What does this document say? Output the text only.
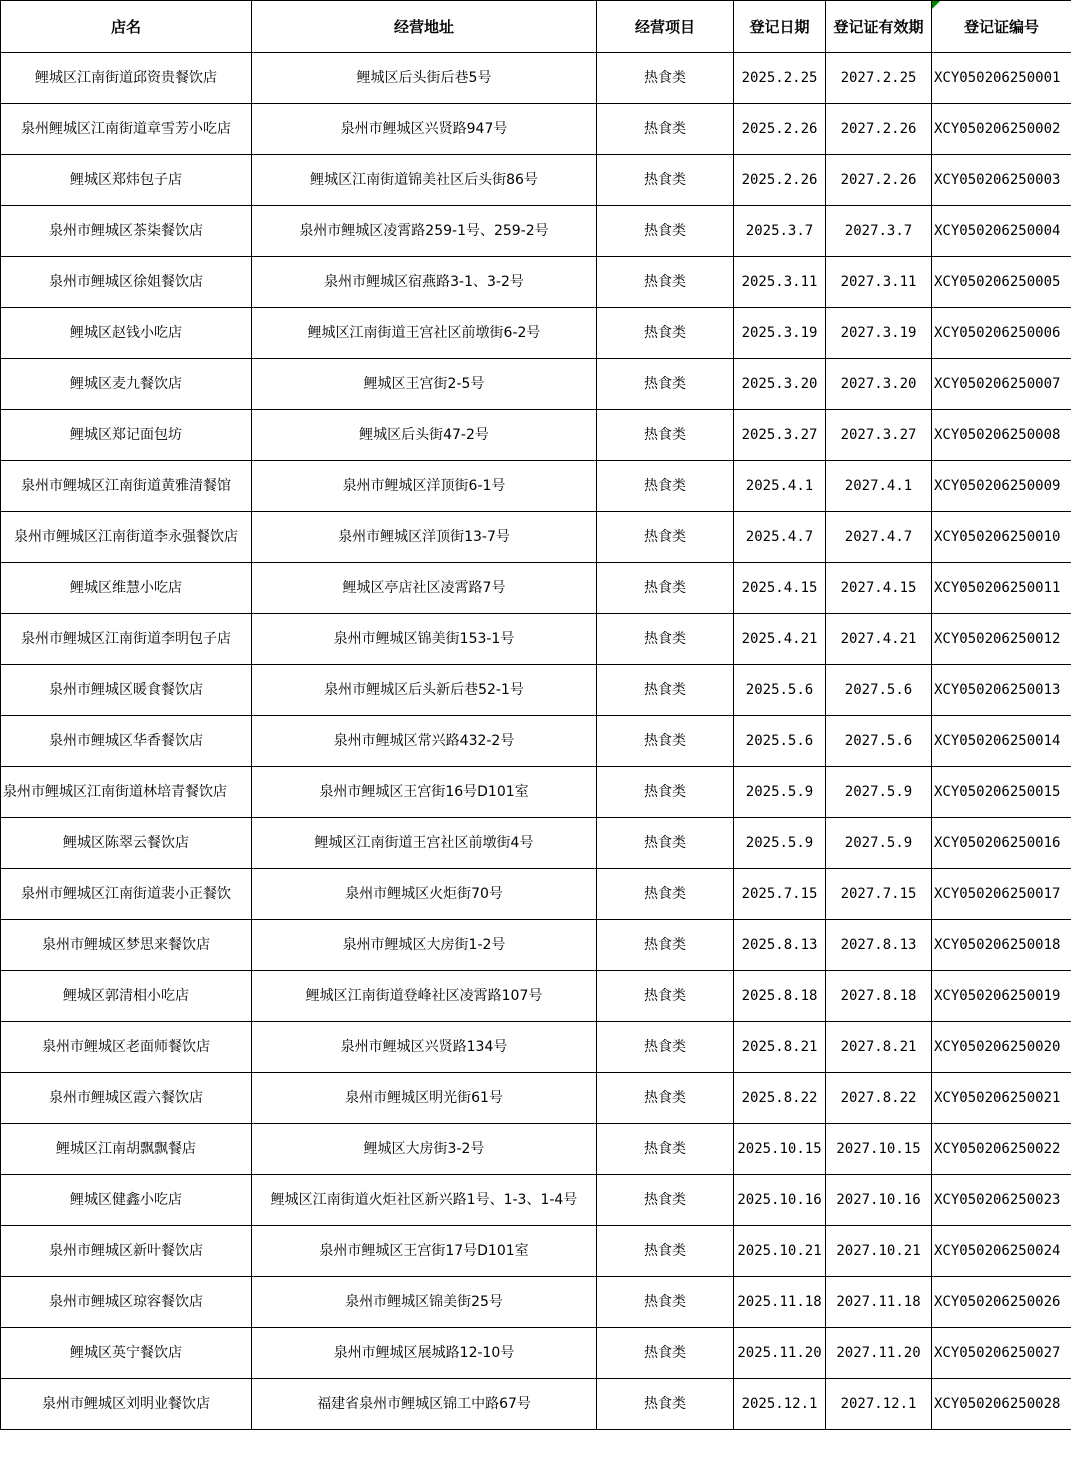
店名	经营地址	经营项目	登记日期	登记证有效期	登记证编号
鲤城区江南街道邱资贵餐饮店	鲤城区后头街后巷5号	热食类	2025.2.25	2027.2.25	XCY050206250001
泉州鲤城区江南街道章雪芳小吃店	泉州市鲤城区兴贤路947号	热食类	2025.2.26	2027.2.26	XCY050206250002
鲤城区郑炜包子店	鲤城区江南街道锦美社区后头街86号	热食类	2025.2.26	2027.2.26	XCY050206250003
泉州市鲤城区茶柒餐饮店	泉州市鲤城区凌霄路259-1号、259-2号	热食类	2025.3.7	2027.3.7	XCY050206250004
泉州市鲤城区徐姐餐饮店	泉州市鲤城区宿燕路3-1、3-2号	热食类	2025.3.11	2027.3.11	XCY050206250005
鲤城区赵钱小吃店	鲤城区江南街道王宫社区前墩街6-2号	热食类	2025.3.19	2027.3.19	XCY050206250006
鲤城区麦九餐饮店	鲤城区王宫街2-5号	热食类	2025.3.20	2027.3.20	XCY050206250007
鲤城区郑记面包坊	鲤城区后头街47-2号	热食类	2025.3.27	2027.3.27	XCY050206250008
泉州市鲤城区江南街道黄雅清餐馆	泉州市鲤城区洋顶街6-1号	热食类	2025.4.1	2027.4.1	XCY050206250009
泉州市鲤城区江南街道李永强餐饮店	泉州市鲤城区洋顶街13-7号	热食类	2025.4.7	2027.4.7	XCY050206250010
鲤城区维慧小吃店	鲤城区亭店社区凌霄路7号	热食类	2025.4.15	2027.4.15	XCY050206250011
泉州市鲤城区江南街道李明包子店	泉州市鲤城区锦美街153-1号	热食类	2025.4.21	2027.4.21	XCY050206250012
泉州市鲤城区暖食餐饮店	泉州市鲤城区后头新后巷52-1号	热食类	2025.5.6	2027.5.6	XCY050206250013
泉州市鲤城区华香餐饮店	泉州市鲤城区常兴路432-2号	热食类	2025.5.6	2027.5.6	XCY050206250014
泉州市鲤城区江南街道林培青餐饮店	泉州市鲤城区王宫街16号D101室	热食类	2025.5.9	2027.5.9	XCY050206250015
鲤城区陈翠云餐饮店	鲤城区江南街道王宫社区前墩街4号	热食类	2025.5.9	2027.5.9	XCY050206250016
泉州市鲤城区江南街道裴小正餐饮	泉州市鲤城区火炬街70号	热食类	2025.7.15	2027.7.15	XCY050206250017
泉州市鲤城区梦思来餐饮店	泉州市鲤城区大房街1-2号	热食类	2025.8.13	2027.8.13	XCY050206250018
鲤城区郭清相小吃店	鲤城区江南街道登峰社区凌霄路107号	热食类	2025.8.18	2027.8.18	XCY050206250019
泉州市鲤城区老面师餐饮店	泉州市鲤城区兴贤路134号	热食类	2025.8.21	2027.8.21	XCY050206250020
泉州市鲤城区霞六餐饮店	泉州市鲤城区明光街61号	热食类	2025.8.22	2027.8.22	XCY050206250021
鲤城区江南胡飘飘餐店	鲤城区大房街3-2号	热食类	2025.10.15	2027.10.15	XCY050206250022
鲤城区健鑫小吃店	鲤城区江南街道火炬社区新兴路1号、1-3、1-4号	热食类	2025.10.16	2027.10.16	XCY050206250023
泉州市鲤城区新叶餐饮店	泉州市鲤城区王宫街17号D101室	热食类	2025.10.21	2027.10.21	XCY050206250024
泉州市鲤城区琼容餐饮店	泉州市鲤城区锦美街25号	热食类	2025.11.18	2027.11.18	XCY050206250026
鲤城区英宁餐饮店	泉州市鲤城区展城路12-10号	热食类	2025.11.20	2027.11.20	XCY050206250027
泉州市鲤城区刘明业餐饮店	福建省泉州市鲤城区锦工中路67号	热食类	2025.12.1	2027.12.1	XCY050206250028
